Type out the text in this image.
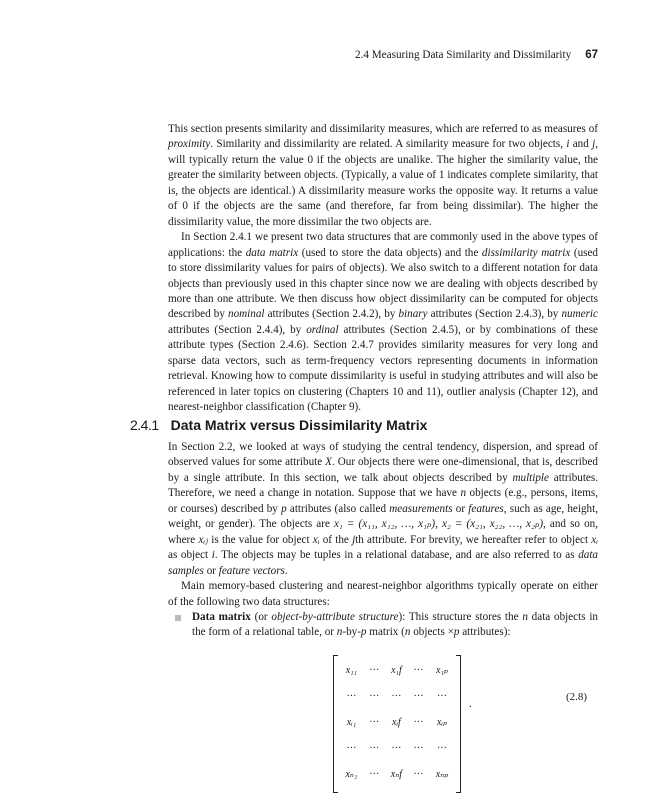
2.4 Measuring Data Similarity and Dissimilarity 67

This section presents similarity and dissimilarity measures, which are referred to as measures of proximity. Similarity and dissimilarity are related. A similarity measure for two objects, i and j, will typically return the value 0 if the objects are unalike. The higher the similarity value, the greater the similarity between objects. (Typically, a value of 1 indicates complete similarity, that is, the objects are identical.) A dissimilarity measure works the opposite way. It returns a value of 0 if the objects are the same (and therefore, far from being dissimilar). The higher the dissimilarity value, the more dissimilar the two objects are.

In Section 2.4.1 we present two data structures that are commonly used in the above types of applications: the data matrix (used to store the data objects) and the dissimilarity matrix (used to store dissimilarity values for pairs of objects). We also switch to a different notation for data objects than previously used in this chapter since now we are dealing with objects described by more than one attribute. We then discuss how object dissimilarity can be computed for objects described by nominal attributes (Section 2.4.2), by binary attributes (Section 2.4.3), by numeric attributes (Section 2.4.4), by ordinal attributes (Section 2.4.5), or by combinations of these attribute types (Section 2.4.6). Section 2.4.7 provides similarity measures for very long and sparse data vectors, such as term-frequency vectors representing documents in information retrieval. Knowing how to compute dissimilarity is useful in studying attributes and will also be referenced in later topics on clustering (Chapters 10 and 11), outlier analysis (Chapter 12), and nearest-neighbor classification (Chapter 9).

2.4.1 Data Matrix versus Dissimilarity Matrix

In Section 2.2, we looked at ways of studying the central tendency, dispersion, and spread of observed values for some attribute X. Our objects there were one-dimensional, that is, described by a single attribute. In this section, we talk about objects described by multiple attributes. Therefore, we need a change in notation. Suppose that we have n objects (e.g., persons, items, or courses) described by p attributes (also called measurements or features, such as age, height, weight, or gender). The objects are x₁ = (x₁₁, x₁₂, …, x₁ₚ), x₂ = (x₂₁, x₂₂, …, x₂ₚ), and so on, where xᵢⱼ is the value for object xᵢ of the jth attribute. For brevity, we hereafter refer to object xᵢ as object i. The objects may be tuples in a relational database, and are also referred to as data samples or feature vectors.

Main memory-based clustering and nearest-neighbor algorithms typically operate on either of the following two data structures:

Data matrix (or object-by-attribute structure): This structure stores the n data objects in the form of a relational table, or n-by-p matrix (n objects ×p attributes):
x₁₁	···	x₁f	···	x₁ₚ
···	···	···	···	···
xᵢ₁	···	xᵢf	···	xᵢₚ
···	···	···	···	···
xₙ₁	···	xₙf	···	xₙₚ
.
(2.8)
